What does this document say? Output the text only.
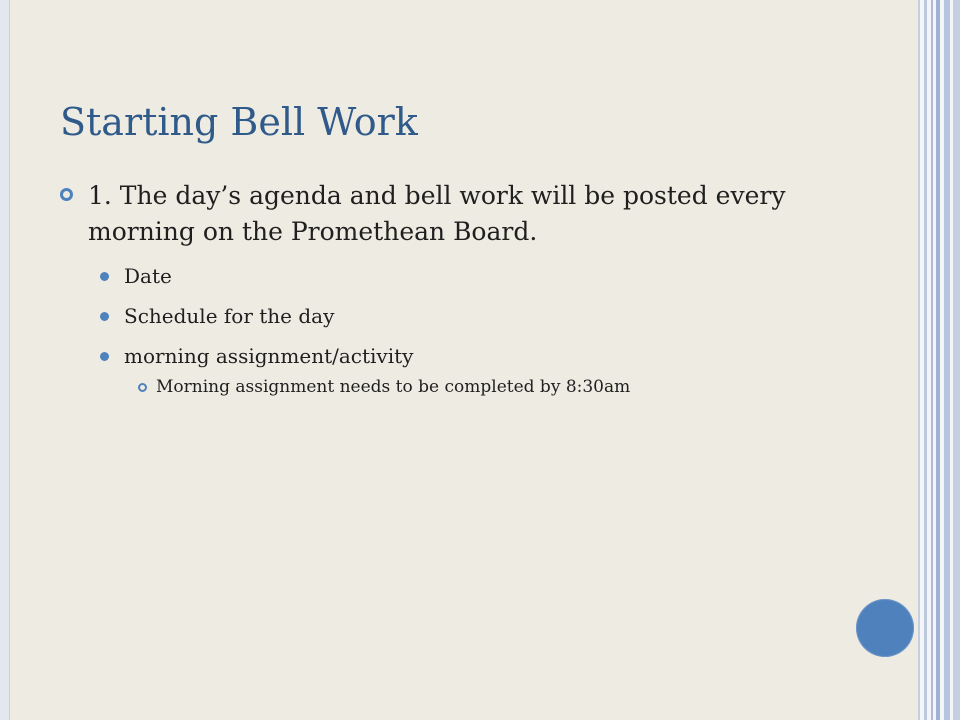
Starting Bell Work

1. The day’s agenda and bell work will be posted every morning on the Promethean Board.

Date
Schedule for the day
morning assignment/activity
Morning assignment needs to be completed by 8:30am
